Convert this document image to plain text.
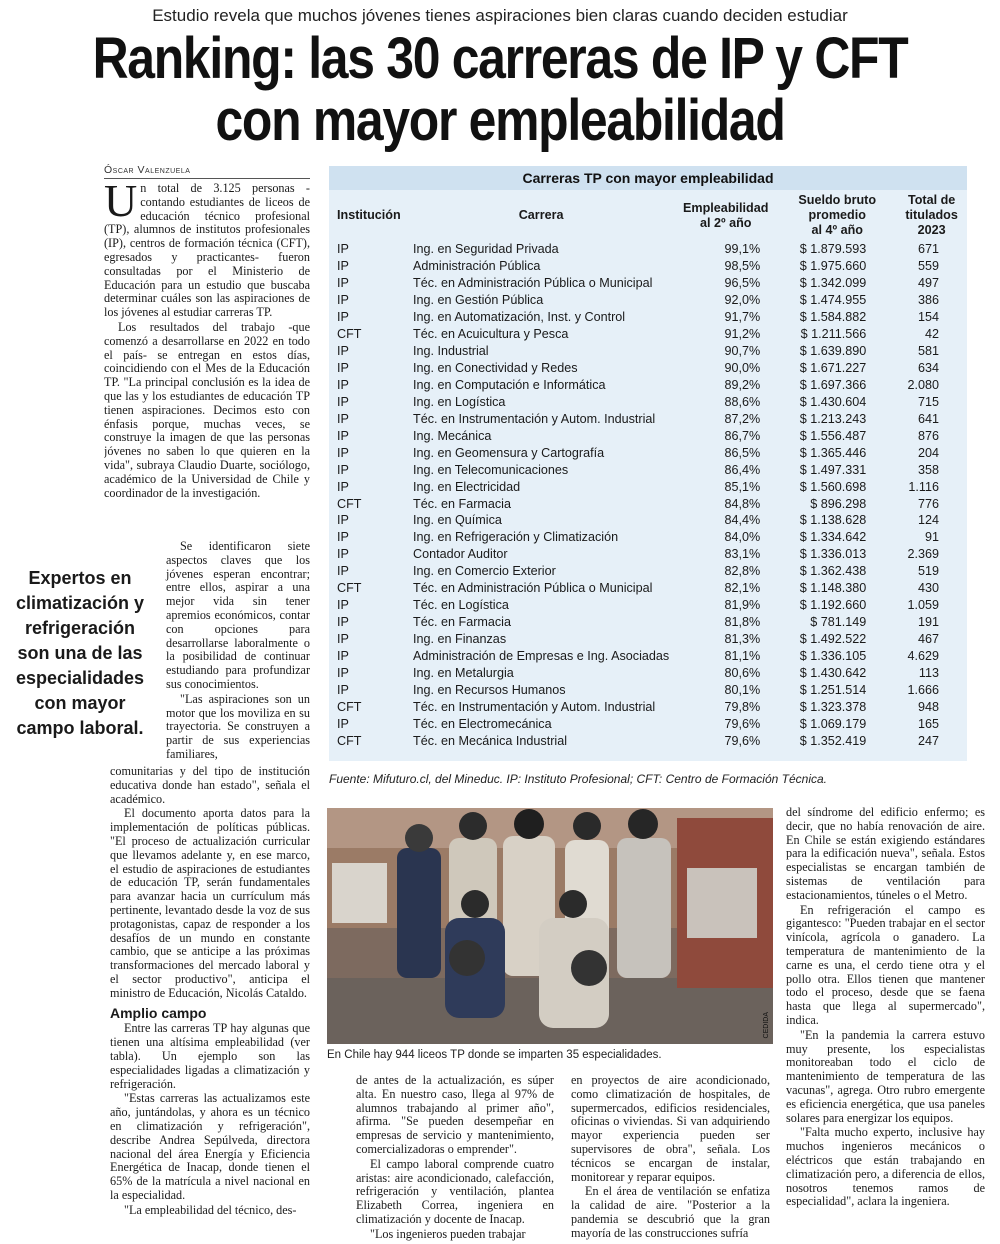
Estudio revela que muchos jóvenes tienes aspiraciones bien claras cuando deciden estudiar
Ranking: las 30 carreras de IP y CFT
con mayor empleabilidad
Óscar Valenzuela

Un total de 3.125 personas -contando estudiantes de liceos de educación técnico profesional (TP), alumnos de institutos profesionales (IP), centros de formación técnica (CFT), egresados y practicantes- fueron consultadas por el Ministerio de Educación para un estudio que buscaba determinar cuáles son las aspiraciones de los jóvenes al estudiar carreras TP.

Los resultados del trabajo -que comenzó a desarrollarse en 2022 en todo el país- se entregan en estos días, coincidiendo con el Mes de la Educación TP. "La principal conclusión es la idea de que las y los estudiantes de educación TP tienen aspiraciones. Decimos esto con énfasis porque, muchas veces, se construye la imagen de que las personas jóvenes no saben lo que quieren en la vida", subraya Claudio Duarte, sociólogo, académico de la Universidad de Chile y coordinador de la investigación.

Se identificaron siete aspectos claves que los jóvenes esperan encontrar; entre ellos, aspirar a una mejor vida sin tener apremios económicos, contar con opciones para desarrollarse laboralmente o la posibilidad de continuar estudiando para profundizar sus conocimientos.

"Las aspiraciones son un motor que los moviliza en su trayectoria. Se construyen a partir de sus experiencias familiares,

Expertos en climatización y refrigeración son una de las especialidades con mayor campo laboral.

comunitarias y del tipo de institución educativa donde han estado", señala el académico.

El documento aporta datos para la implementación de políticas públicas. "El proceso de actualización curricular que llevamos adelante y, en ese marco, el estudio de aspiraciones de estudiantes de educación TP, serán fundamentales para avanzar hacia un currículum más pertinente, levantado desde la voz de sus protagonistas, capaz de responder a los desafíos de un mundo en constante cambio, que se anticipe a las próximas transformaciones del mercado laboral y el sector productivo", anticipa el ministro de Educación, Nicolás Cataldo.

Amplio campo

Entre las carreras TP hay algunas que tienen una altísima empleabilidad (ver tabla). Un ejemplo son las especialidades ligadas a climatización y refrigeración.

"Estas carreras las actualizamos este año, juntándolas, y ahora es un técnico en climatización y refrigeración", describe Andrea Sepúlveda, directora nacional del área Energía y Eficiencia Energética de Inacap, donde tienen el 65% de la matrícula a nivel nacional en la especialidad.

"La empleabilidad del técnico, des-

Carreras TP con mayor empleabilidad
Institución	Carrera	Empleabilidad
al 2º año	Sueldo bruto
promedio
al 4º año	Total de
titulados
2023
IP	Ing. en Seguridad Privada	99,1%	$ 1.879.593	671
IP	Administración Pública	98,5%	$ 1.975.660	559
IP	Téc. en Administración Pública o Municipal	96,5%	$ 1.342.099	497
IP	Ing. en Gestión Pública	92,0%	$ 1.474.955	386
IP	Ing. en Automatización, Inst. y Control	91,7%	$ 1.584.882	154
CFT	Téc. en Acuicultura y Pesca	91,2%	$ 1.211.566	42
IP	Ing. Industrial	90,7%	$ 1.639.890	581
IP	Ing. en Conectividad y Redes	90,0%	$ 1.671.227	634
IP	Ing. en Computación e Informática	89,2%	$ 1.697.366	2.080
IP	Ing. en Logística	88,6%	$ 1.430.604	715
IP	Téc. en Instrumentación y Autom. Industrial	87,2%	$ 1.213.243	641
IP	Ing. Mecánica	86,7%	$ 1.556.487	876
IP	Ing. en Geomensura y Cartografía	86,5%	$ 1.365.446	204
IP	Ing. en Telecomunicaciones	86,4%	$ 1.497.331	358
IP	Ing. en Electricidad	85,1%	$ 1.560.698	1.116
CFT	Téc. en Farmacia	84,8%	$ 896.298	776
IP	Ing. en Química	84,4%	$ 1.138.628	124
IP	Ing. en Refrigeración y Climatización	84,0%	$ 1.334.642	91
IP	Contador Auditor	83,1%	$ 1.336.013	2.369
IP	Ing. en Comercio Exterior	82,8%	$ 1.362.438	519
CFT	Téc. en Administración Pública o Municipal	82,1%	$ 1.148.380	430
IP	Téc. en Logística	81,9%	$ 1.192.660	1.059
IP	Téc. en Farmacia	81,8%	$ 781.149	191
IP	Ing. en Finanzas	81,3%	$ 1.492.522	467
IP	Administración de Empresas e Ing. Asociadas	81,1%	$ 1.336.105	4.629
IP	Ing. en Metalurgia	80,6%	$ 1.430.642	113
IP	Ing. en Recursos Humanos	80,1%	$ 1.251.514	1.666
CFT	Téc. en Instrumentación y Autom. Industrial	79,8%	$ 1.323.378	948
IP	Téc. en Electromecánica	79,6%	$ 1.069.179	165
CFT	Téc. en Mecánica Industrial	79,6%	$ 1.352.419	247
Fuente: Mifuturo.cl, del Mineduc. IP: Instituto Profesional; CFT: Centro de Formación Técnica.
CEDIDA
En Chile hay 944 liceos TP donde se imparten 35 especialidades.

de antes de la actualización, es súper alta. En nuestro caso, llega al 97% de alumnos trabajando al primer año", afirma. "Se pueden desempeñar en empresas de servicio y mantenimiento, comercializadoras o emprender".

El campo laboral comprende cuatro aristas: aire acondicionado, calefacción, refrigeración y ventilación, plantea Elizabeth Correa, ingeniera en climatización y docente de Inacap.

"Los ingenieros pueden trabajar

en proyectos de aire acondicionado, como climatización de hospitales, de supermercados, edificios residenciales, oficinas o viviendas. Si van adquiriendo mayor experiencia pueden ser supervisores de obra", señala. Los técnicos se encargan de instalar, monitorear y reparar equipos.

En el área de ventilación se enfatiza la calidad de aire. "Posterior a la pandemia se descubrió que la gran mayoría de las construcciones sufría

del síndrome del edificio enfermo; es decir, que no había renovación de aire. En Chile se están exigiendo estándares para la edificación nueva", señala. Estos especialistas se encargan también de sistemas de ventilación para estacionamientos, túneles o el Metro.

En refrigeración el campo es gigantesco: "Pueden trabajar en el sector vinícola, agrícola o ganadero. La temperatura de mantenimiento de la carne es una, el cerdo tiene otra y el pollo otra. Ellos tienen que mantener todo el proceso, desde que se faena hasta que llega al supermercado", indica.

"En la pandemia la carrera estuvo muy presente, los especialistas monitoreaban todo el ciclo de mantenimiento de temperatura de las vacunas", agrega. Otro rubro emergente es eficiencia energética, que usa paneles solares para energizar los equipos.

"Falta mucho experto, inclusive hay muchos ingenieros mecánicos o eléctricos que están trabajando en climatización pero, a diferencia de ellos, nosotros tenemos ramos de especialidad", aclara la ingeniera.
